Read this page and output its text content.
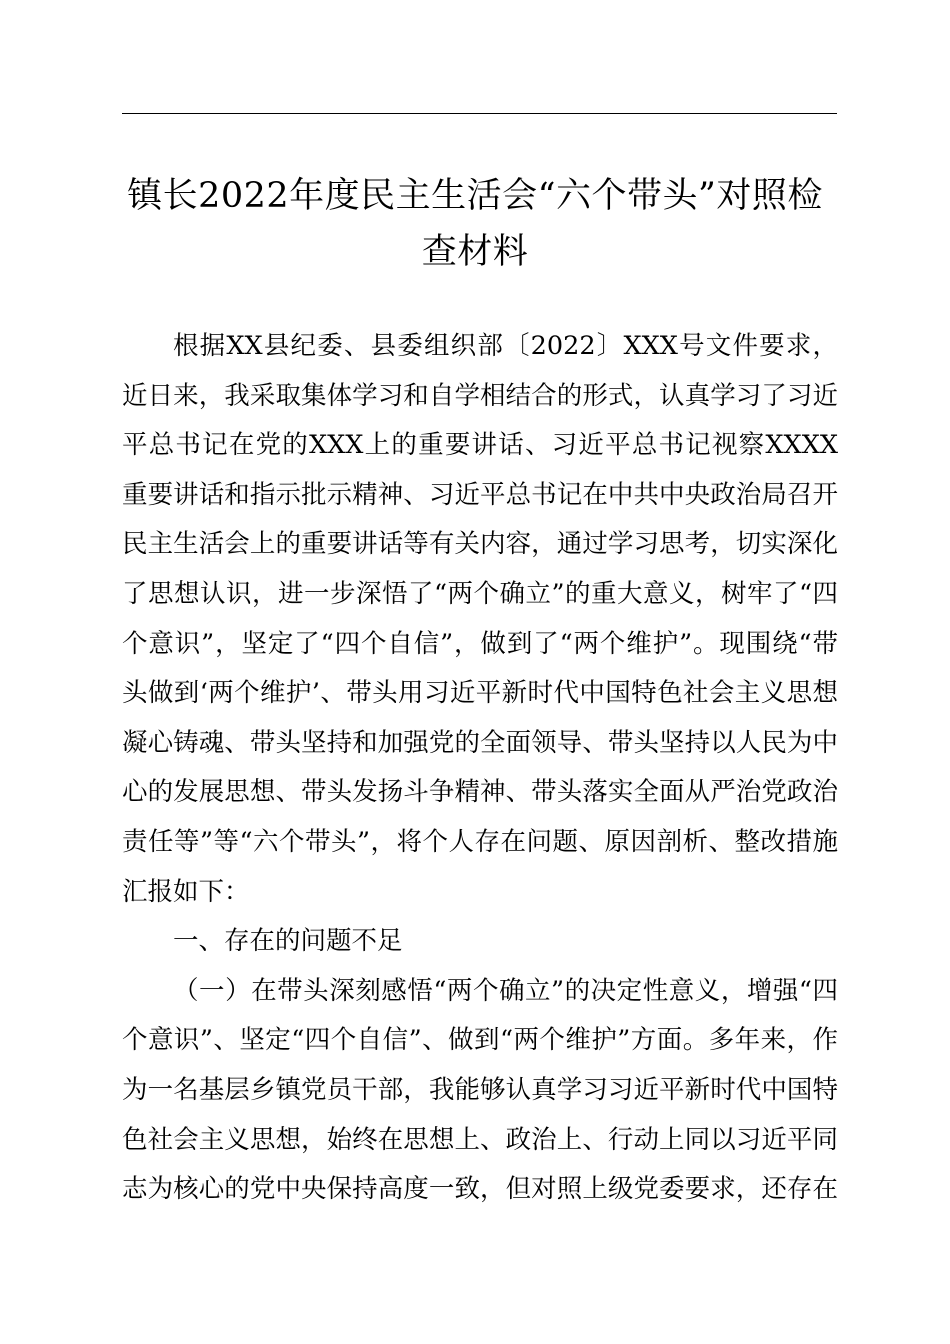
镇长2022年度民主生活会“六个带头”对照检
查材料
根据XX县纪委、县委组织部〔2022〕XXX号文件要求，
近日来，我采取集体学习和自学相结合的形式，认真学习了习近
平总书记在党的XXX上的重要讲话、习近平总书记视察XXXX
重要讲话和指示批示精神、习近平总书记在中共中央政治局召开
民主生活会上的重要讲话等有关内容，通过学习思考，切实深化
了思想认识，进一步深悟了“两个确立”的重大意义，树牢了“四
个意识”，坚定了“四个自信”，做到了“两个维护”。现围绕“带
头做到‘两个维护’、带头用习近平新时代中国特色社会主义思想
凝心铸魂、带头坚持和加强党的全面领导、带头坚持以人民为中
心的发展思想、带头发扬斗争精神、带头落实全面从严治党政治
责任等”等“六个带头”，将个人存在问题、原因剖析、整改措施
汇报如下：
一、存在的问题不足
（一）在带头深刻感悟“两个确立”的决定性意义，增强“四
个意识”、坚定“四个自信”、做到“两个维护”方面。多年来，作
为一名基层乡镇党员干部，我能够认真学习习近平新时代中国特
色社会主义思想，始终在思想上、政治上、行动上同以习近平同
志为核心的党中央保持高度一致，但对照上级党委要求，还存在
